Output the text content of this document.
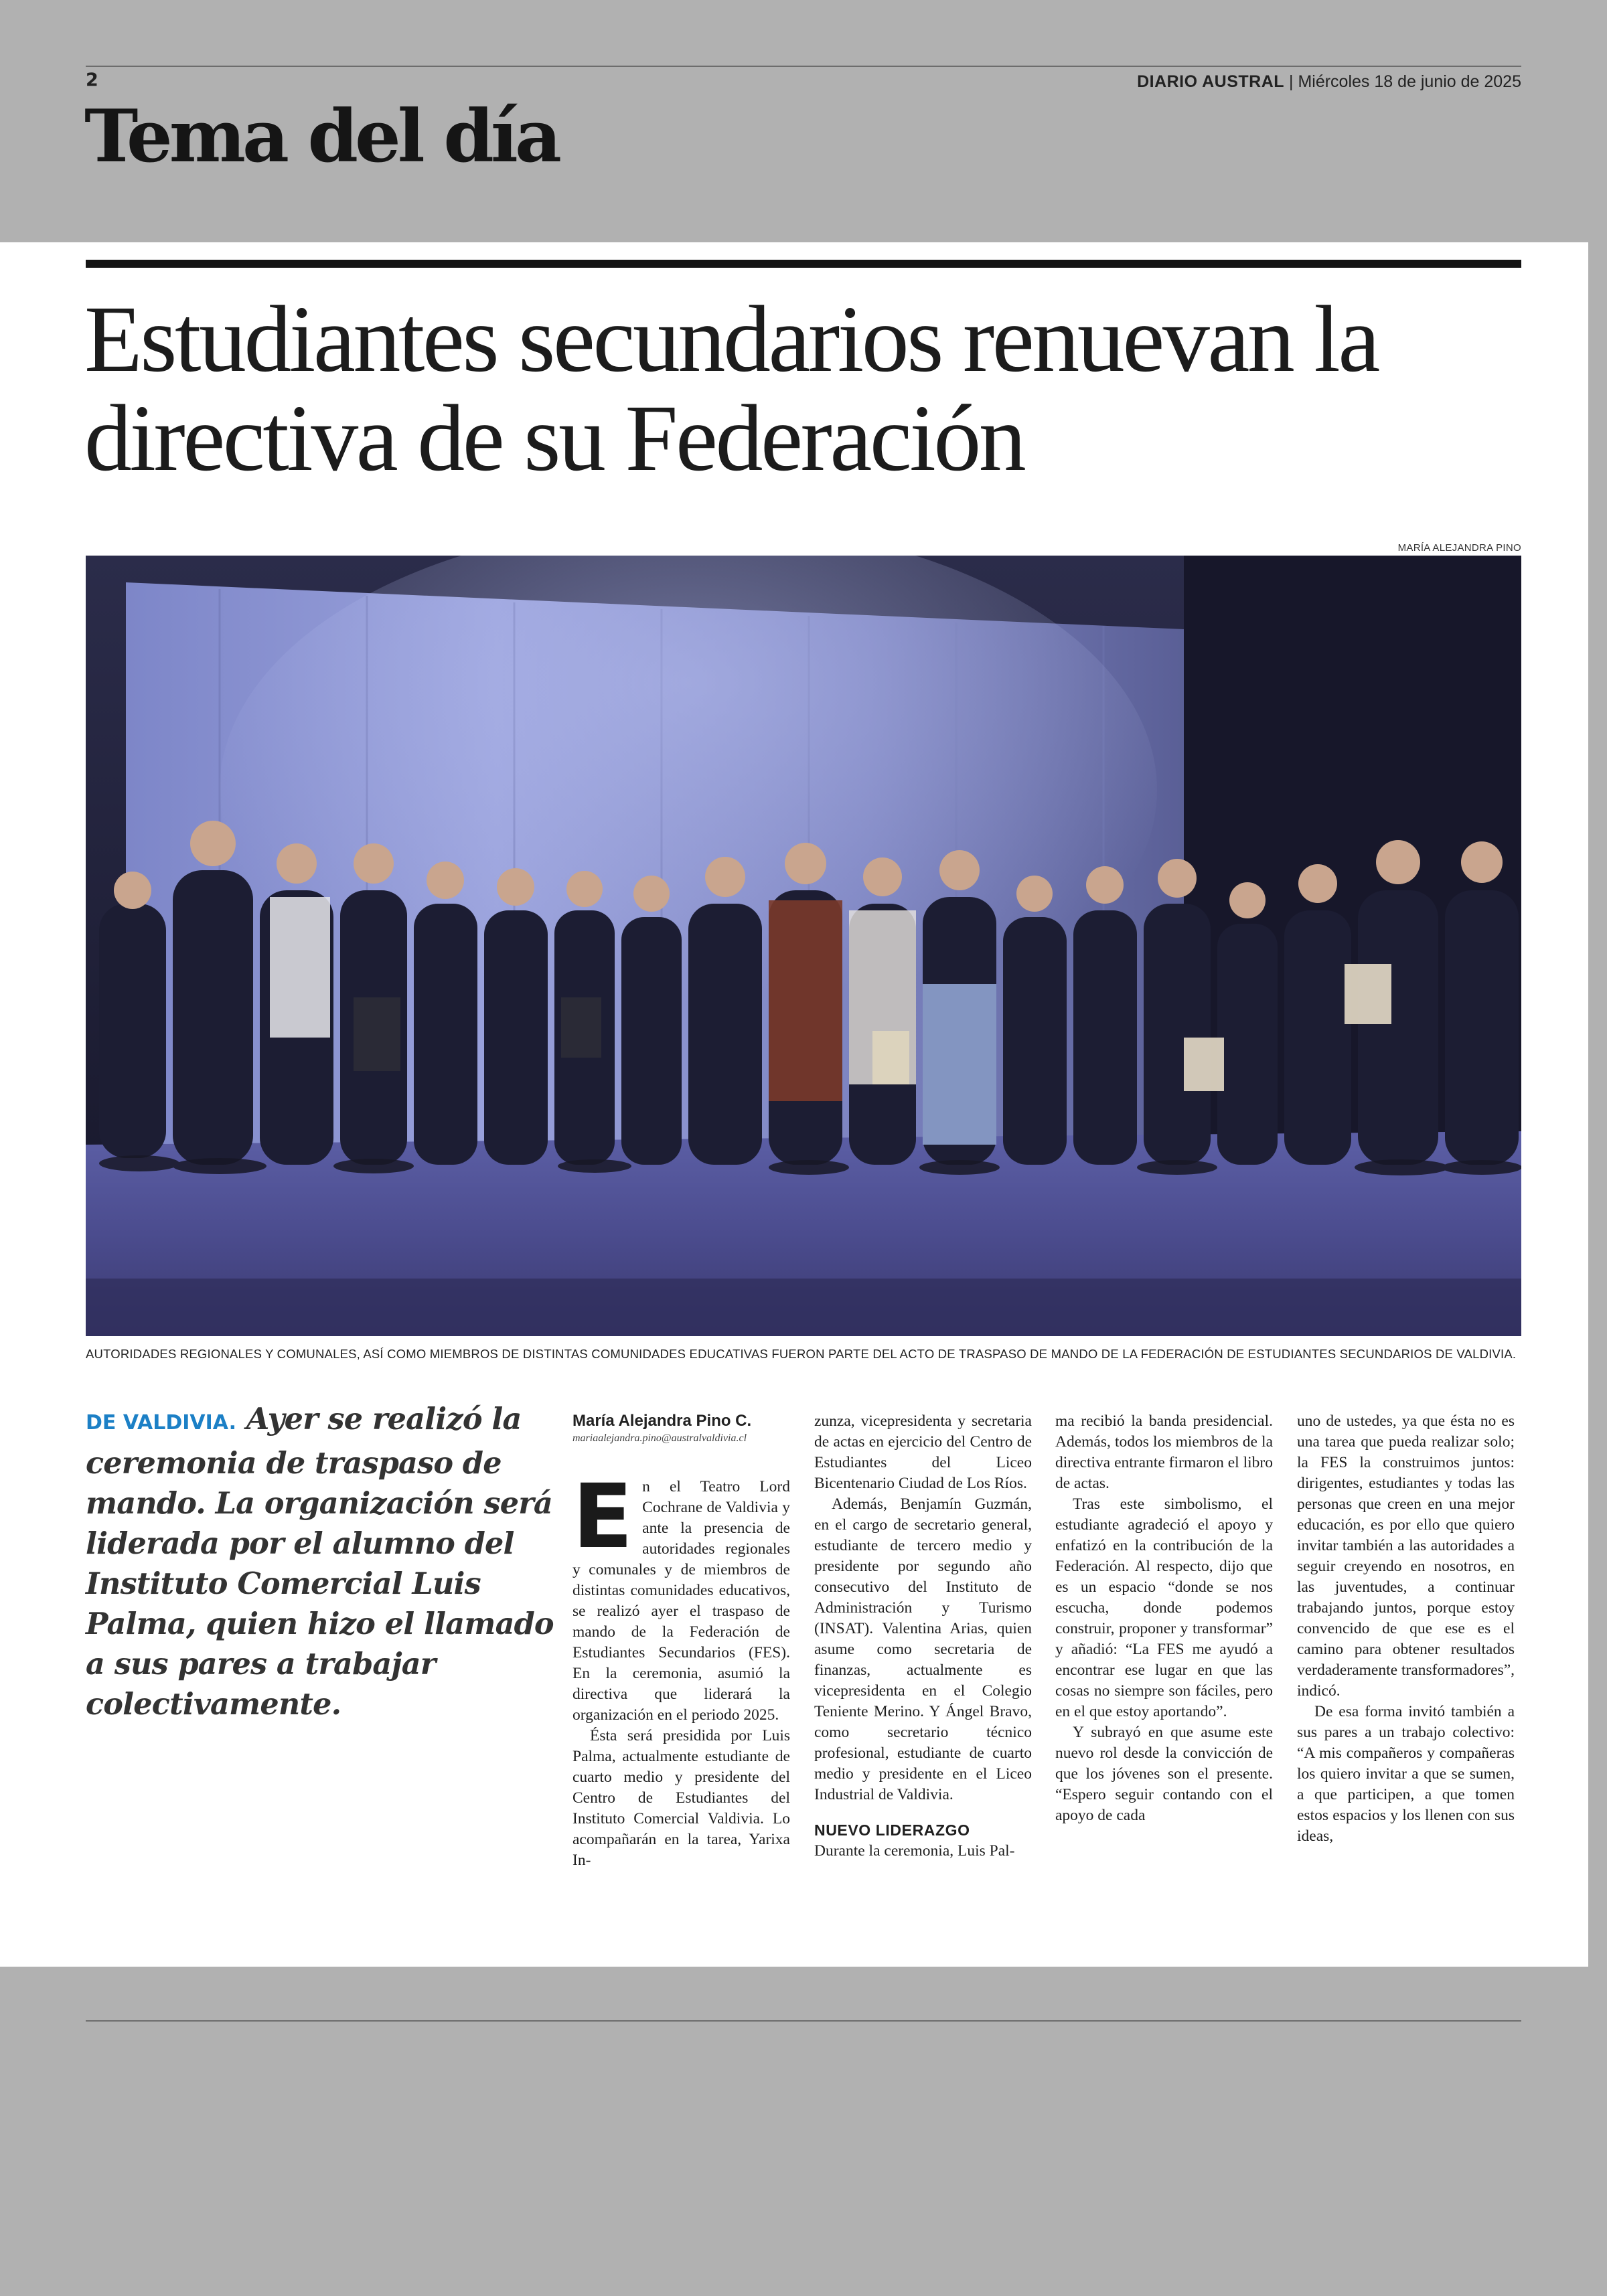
2	DIARIO AUSTRAL | Miércoles 18 de junio de 2025
Tema del día
Estudiantes secundarios renuevan la directiva de su Federación
MARÍA ALEJANDRA PINO
AUTORIDADES REGIONALES Y COMUNALES, ASÍ COMO MIEMBROS DE DISTINTAS COMUNIDADES EDUCATIVAS FUERON PARTE DEL ACTO DE TRASPASO DE MANDO DE LA FEDERACIÓN DE ESTUDIANTES SECUNDARIOS DE VALDIVIA.
DE VALDIVIA. Ayer se realizó la ceremonia de traspaso de mando. La organización será liderada por el alumno del Instituto Comercial Luis Palma, quien hizo el llamado a sus pares a trabajar colectivamente.

María Alejandra Pino C.

mariaalejandra.pino@australvaldivia.cl

E n el Teatro Lord Cochrane de Valdivia y ante la presencia de autoridades regionales y comunales y de miembros de distintas comunidades educativos, se realizó ayer el traspaso de mando de la Federación de Estudiantes Secundarios (FES). En la ceremonia, asumió la directiva que liderará la organización en el periodo 2025.

Ésta será presidida por Luis Palma, actualmente estudiante de cuarto medio y presidente del Centro de Estudiantes del Instituto Comercial Valdivia. Lo acompañarán en la tarea, Yarixa In-

zunza, vicepresidenta y secretaria de actas en ejercicio del Centro de Estudiantes del Liceo Bicentenario Ciudad de Los Ríos.

Además, Benjamín Guzmán, en el cargo de secretario general, estudiante de tercero medio y presidente por segundo año consecutivo del Instituto de Administración y Turismo (INSAT). Valentina Arias, quien asume como secretaria de finanzas, actualmente es vicepresidenta en el Colegio Teniente Merino. Y Ángel Bravo, como secretario técnico profesional, estudiante de cuarto medio y presidente en el Liceo Industrial de Valdivia.

NUEVO LIDERAZGO

Durante la ceremonia, Luis Pal-

ma recibió la banda presidencial. Además, todos los miembros de la directiva entrante firmaron el libro de actas.

Tras este simbolismo, el estudiante agradeció el apoyo y enfatizó en la contribución de la Federación. Al respecto, dijo que es un espacio “donde se nos escucha, donde podemos construir, proponer y transformar” y añadió: “La FES me ayudó a encontrar ese lugar en que las cosas no siempre son fáciles, pero en el que estoy aportando”.

Y subrayó en que asume este nuevo rol desde la convicción de que los jóvenes son el presente. “Espero seguir contando con el apoyo de cada

uno de ustedes, ya que ésta no es una tarea que pueda realizar solo; la FES la construimos juntos: dirigentes, estudiantes y todas las personas que creen en una mejor educación, es por ello que quiero invitar también a las autoridades a seguir creyendo en nosotros, en las juventudes, a continuar trabajando juntos, porque estoy convencido de que ese es el camino para obtener resultados verdaderamente transformadores”, indicó.

De esa forma invitó también a sus pares a un trabajo colectivo: “A mis compañeros y compañeras los quiero invitar a que se sumen, a que participen, a que tomen estos espacios y los llenen con sus ideas,
